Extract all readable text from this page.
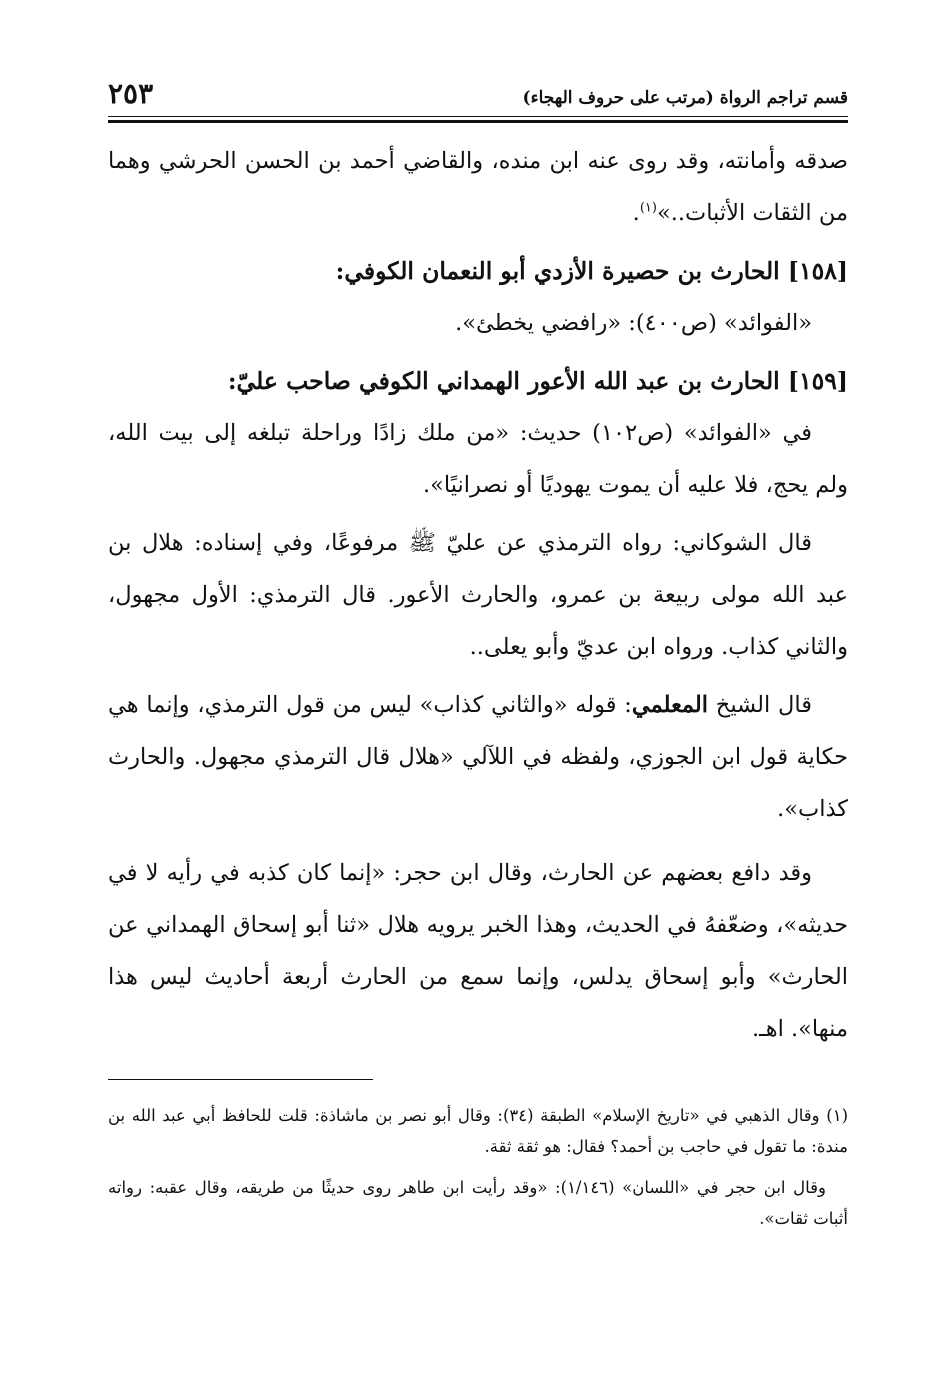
قسم تراجم الرواة (مرتب على حروف الهجاء)
٢٥٣

صدقه وأمانته، وقد روى عنه ابن منده، والقاضي أحمد بن الحسن الحرشي وهما من الثقات الأثبات..»$^{(١)}$.

[١٥٨] الحارث بن حصيرة الأزدي أبو النعمان الكوفي:

«الفوائد» (ص٤٠٠): «رافضي يخطئ».

[١٥٩] الحارث بن عبد الله الأعور الهمداني الكوفي صاحب عليّ:

في «الفوائد» (ص١٠٢) حديث: «من ملك زادًا وراحلة تبلغه إلى بيت الله، ولم يحج، فلا عليه أن يموت يهوديًا أو نصرانيًا».

قال الشوكاني: رواه الترمذي عن عليّ ﷺ مرفوعًا، وفي إسناده: هلال بن عبد الله مولى ربيعة بن عمرو، والحارث الأعور. قال الترمذي: الأول مجهول، والثاني كذاب. ورواه ابن عديّ وأبو يعلى..

قال الشيخ المعلمي: قوله «والثاني كذاب» ليس من قول الترمذي، وإنما هي حكاية قول ابن الجوزي، ولفظه في اللآلي «هلال قال الترمذي مجهول. والحارث كذاب».

وقد دافع بعضهم عن الحارث، وقال ابن حجر: «إنما كان كذبه في رأيه لا في حديثه»، وضعّفهُ في الحديث، وهذا الخبر يرويه هلال «ثنا أبو إسحاق الهمداني عن الحارث» وأبو إسحاق يدلس، وإنما سمع من الحارث أربعة أحاديث ليس هذا منها». اهـ.

(١) وقال الذهبي في «تاريخ الإسلام» الطبقة (٣٤): وقال أبو نصر بن ماشاذة: قلت للحافظ أبي عبد الله بن مندة: ما تقول في حاجب بن أحمد؟ فقال: هو ثقة ثقة.

وقال ابن حجر في «اللسان» (١/١٤٦): «وقد رأيت ابن طاهر روى حديثًا من طريقه، وقال عقبه: رواته أثبات ثقات».
